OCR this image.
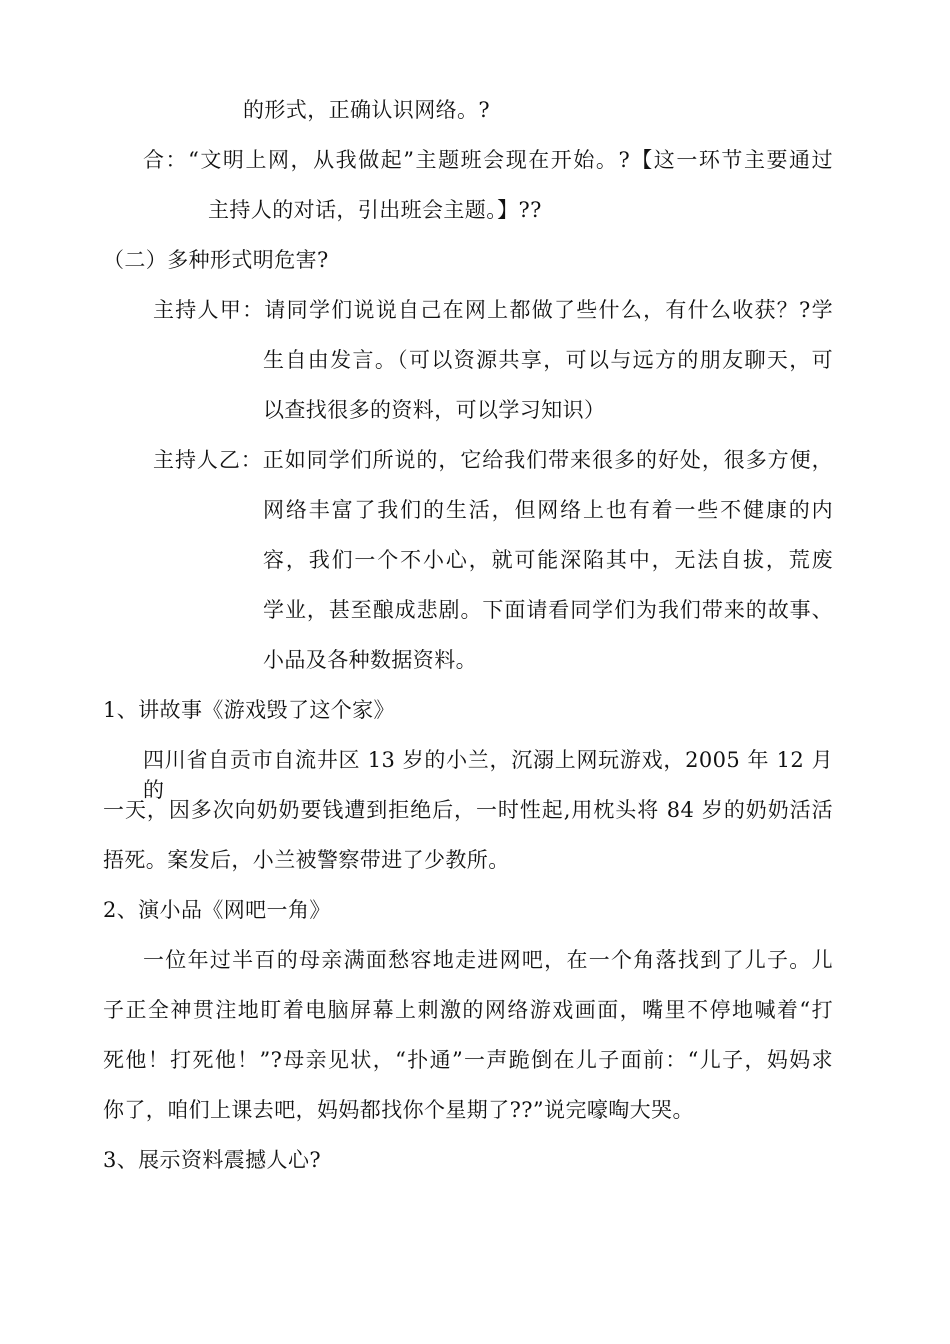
的形式，正确认识网络。?
合：“文明上网，从我做起”主题班会现在开始。?【这一环节主要通过
主持人的对话，引出班会主题。】??
（二）多种形式明危害?
主持人甲：请同学们说说自己在网上都做了些什么，有什么收获？?学
生自由发言。（可以资源共享，可以与远方的朋友聊天，可
以查找很多的资料，可以学习知识）
主持人乙：正如同学们所说的，它给我们带来很多的好处，很多方便，
网络丰富了我们的生活，但网络上也有着一些不健康的内
容，我们一个不小心，就可能深陷其中，无法自拔，荒废
学业，甚至酿成悲剧。下面请看同学们为我们带来的故事、
小品及各种数据资料。
1、讲故事《游戏毁了这个家》
四川省自贡市自流井区 13 岁的小兰，沉溺上网玩游戏，2005 年 12 月的
一天，因多次向奶奶要钱遭到拒绝后，一时性起,用枕头将 84 岁的奶奶活活
捂死。案发后，小兰被警察带进了少教所。
2、演小品《网吧一角》
一位年过半百的母亲满面愁容地走进网吧，在一个角落找到了儿子。儿
子正全神贯注地盯着电脑屏幕上刺激的网络游戏画面，嘴里不停地喊着“打
死他！打死他！”?母亲见状，“扑通”一声跪倒在儿子面前：“儿子，妈妈求
你了，咱们上课去吧，妈妈都找你个星期了??”说完嚎啕大哭。
3、展示资料震撼人心?
